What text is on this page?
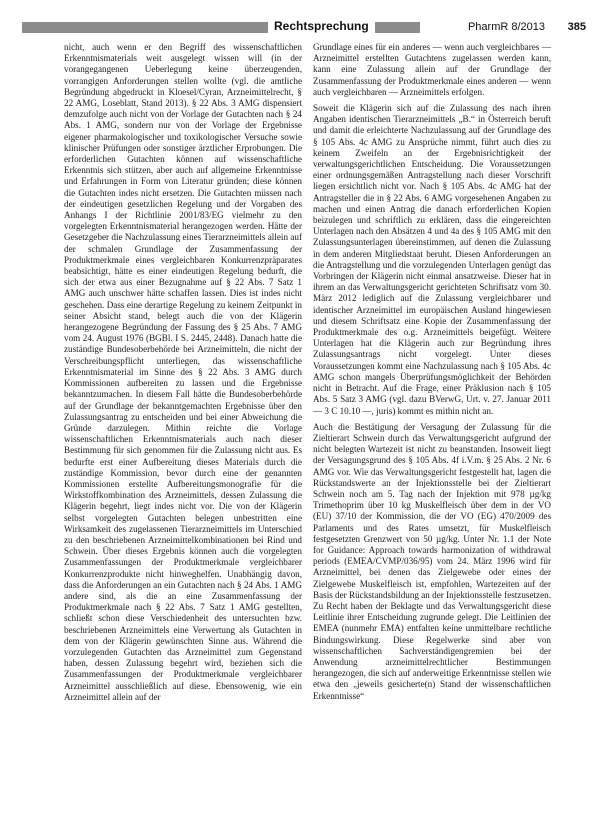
Rechtsprechung	PharmR 8/2013 385

nicht, auch wenn er den Begriff des wissenschaftlichen Erkenntnismaterials weit ausgelegt wissen will (in der vorangegangenen Ueberlegung keine überzeugenden, vorrangigen Anforderungen stellen wollte (vgl. die amtliche Begründung abgedruckt in Kloesel/Cyran, Arzneimittelrecht, § 22 AMG, Loseblatt, Stand 2013). § 22 Abs. 3 AMG dispensiert demzufolge auch nicht von der Vorlage der Gutachten nach § 24 Abs. 1 AMG, sondern nur von der Vorlage der Ergebnisse eigener pharmakologischer und toxikologischer Versuche sowie klinischer Prüfungen oder sonstiger ärztlicher Erprobungen. Die erforderlichen Gutachten können auf wissenschaftliche Erkenntnis sich stützen, aber auch auf allgemeine Erkenntnisse und Erfahrungen in Form von Literatur gründen; diese können die Gutachten indes nicht ersetzen. Die Gutachten müssen nach der eindeutigen gesetzlichen Regelung und der Vorgaben des Anhangs I der Richtlinie 2001/83/EG vielmehr zu den vorgelegten Erkenntnismaterial herangezogen werden. Hätte der Gesetzgeber die Nachzulassung eines Tierarzneimittels allein auf der schmalen Grundlage der Zusammenfassung der Produktmerkmale eines vergleichbaren Konkurrenzpräparates beabsichtigt, hätte es einer eindeutigen Regelung bedurft, die sich der etwa aus einer Bezugnahme auf § 22 Abs. 7 Satz 1 AMG auch unschwer hätte schaffen lassen. Dies ist indes nicht geschehen. Dass eine derartige Regelung zu keinem Zeitpunkt in seiner Absicht stand, belegt auch die von der Klägerin herangezogene Begründung der Fassung des § 25 Abs. 7 AMG vom 24. August 1976 (BGBl. I S. 2445, 2448). Danach hatte die zuständige Bundesoberbehörde bei Arzneimitteln, die nicht der Verschreibungspflicht unterliegen, das wissenschaftliche Erkenntnismaterial im Sinne des § 22 Abs. 3 AMG durch Kommissionen aufbereiten zu lassen und die Ergebnisse bekanntzumachen. In diesem Fall hätte die Bundesoberbehörde auf der Grundlage der bekanntgemachten Ergebnisse über den Zulassungsantrag zu entscheiden und bei einer Abweichung die Gründe darzulegen. Mithin reichte die Vorlage wissenschaftlichen Erkenntnismaterials auch nach dieser Bestimmung für sich genommen für die Zulassung nicht aus. Es bedurfte erst einer Aufbereitung dieses Materials durch die zuständige Kommission, bevor durch eine der genannten Kommissionen erstellte Aufbereitungsmonografie für die Wirkstoffkombination des Arzneimittels, dessen Zulassung die Klägerin begehrt, liegt indes nicht vor. Die von der Klägerin selbst vorgelegten Gutachten belegen unbestritten eine Wirksamkeit des zugelassenen Tierarzneimittels im Unterschied zu den beschriebenen Arzneimittelkombinationen bei Rind und Schwein. Über dieses Ergebnis können auch die vorgelegten Zusammenfassungen der Produktmerkmale vergleichbarer Konkurrenzprodukte nicht hinweghelfen. Unabhängig davon, dass die Anforderungen an ein Gutachten nach § 24 Abs. 1 AMG andere sind, als die an eine Zusammenfassung der Produktmerkmale nach § 22 Abs. 7 Satz 1 AMG gestellten, schließt schon diese Verschiedenheit des untersuchten bzw. beschriebenen Arzneimittels eine Verwertung als Gutachten in dem von der Klägerin gewünschten Sinne aus. Während die vorzulegenden Gutachten das Arzneimittel zum Gegenstand haben, dessen Zulassung begehrt wird, beziehen sich die Zusammenfassungen der Produktmerkmale vergleichbarer Arzneimittel ausschließlich auf diese. Ebensowenig, wie ein Arzneimittel allein auf der

Grundlage eines für ein anderes — wenn auch vergleichbares — Arzneimittel erstellten Gutachtens zugelassen werden kann, kann eine Zulassung allein auf der Grundlage der Zusammenfassung der Produktmerkmale eines anderen — wenn auch vergleichbaren — Arzneimittels erfolgen.

Soweit die Klägerin sich auf die Zulassung des nach ihren Angaben identischen Tierarzneimittels „B.“ in Österreich beruft und damit die erleichterte Nachzulassung auf der Grundlage des § 105 Abs. 4c AMG zu Ansprüche nimmt, führt auch dies zu keinem Zweifeln an der Ergebnisrichtigkeit der verwaltungsgerichtlichen Entscheidung. Die Voraussetzungen einer ordnungsgemäßen Antragstellung nach dieser Vorschrift liegen ersichtlich nicht vor. Nach § 105 Abs. 4c AMG hat der Antragsteller die in § 22 Abs. 6 AMG vorgesehenen Angaben zu machen und einen Antrag die danach erforderlichen Kopien beizulegen und schriftlich zu erklären, dass die eingereichten Unterlagen nach den Absätzen 4 und 4a des § 105 AMG mit den Zulassungsunterlagen übereinstimmen, auf denen die Zulassung in dem anderen Mitgliedstaat beruht. Diesen Anforderungen an die Antragstellung und die vorzulegenden Unterlagen genügt das Vorbringen der Klägerin nicht einmal ansatzweise. Dieser hat in ihrem an das Verwaltungsgericht gerichteten Schriftsatz vom 30. März 2012 lediglich auf die Zulassung vergleichbarer und identischer Arzneimittel im europäischen Ausland hingewiesen und diesem Schriftsatz eine Kopie der Zusammenfassung der Produktmerkmale des o.g. Arzneimittels beigefügt. Weitere Unterlagen hat die Klägerin auch zur Begründung ihres Zulassungsantrags nicht vorgelegt. Unter dieses Voraussetzungen kommt eine Nachzulassung nach § 105 Abs. 4c AMG schon mangels Überprüfungsmöglichkeit der Behörden nicht in Betracht. Auf die Frage, einer Präklusion nach § 105 Abs. 5 Satz 3 AMG (vgl. dazu BVerwG, Urt. v. 27. Januar 2011 — 3 C 10.10 —, juris) kommt es mithin nicht an.

Auch die Bestätigung der Versagung der Zulassung für die Zieltierart Schwein durch das Verwaltungsgericht aufgrund der nicht belegten Wartezeit ist nicht zu beanstanden. Insoweit liegt der Versagungsgrund des § 105 Abs. 4f i.V.m. § 25 Abs. 2 Nr. 6 AMG vor. Wie das Verwaltungsgericht festgestellt hat, lagen die Rückstandswerte an der Injektionsstelle bei der Zieltierart Schwein noch am 5. Tag nach der Injektion mit 978 µg/kg Trimethoprim über 10 kg Muskelfleisch über dem in der VO (EU) 37/10 der Kommission, die der VO (EG) 470/2009 des Parlaments und des Rates umsetzt, für Muskelfleisch festgesetzten Grenzwert von 50 µg/kg. Unter Nr. 1.1 der Note for Guidance: Approach towards harmonization of withdrawal periods (EMEA/CVMP/036/95) vom 24. März 1996 wird für Arzneimittel, bei denen das Zielgewebe oder eines der Zielgewebe Muskelfleisch ist, empfohlen, Wartezeiten auf der Basis der Rückstandsbildung an der Injektionsstelle festzusetzen. Zu Recht haben der Beklagte und das Verwaltungsgericht diese Leitlinie ihrer Entscheidung zugrunde gelegt. Die Leitlinien der EMEA (nunmehr EMA) entfalten keine unmittelbare rechtliche Bindungswirkung. Diese Regelwerke sind aber von wissenschaftlichen Sachverständigengremien bei der Anwendung arzneimittelrechtlicher Bestimmungen herangezogen, die sich auf anderweitige Erkenntnisse stellen wie etwa den „jeweils gesicherte(n) Stand der wissenschaftlichen Erkenntnisse“
